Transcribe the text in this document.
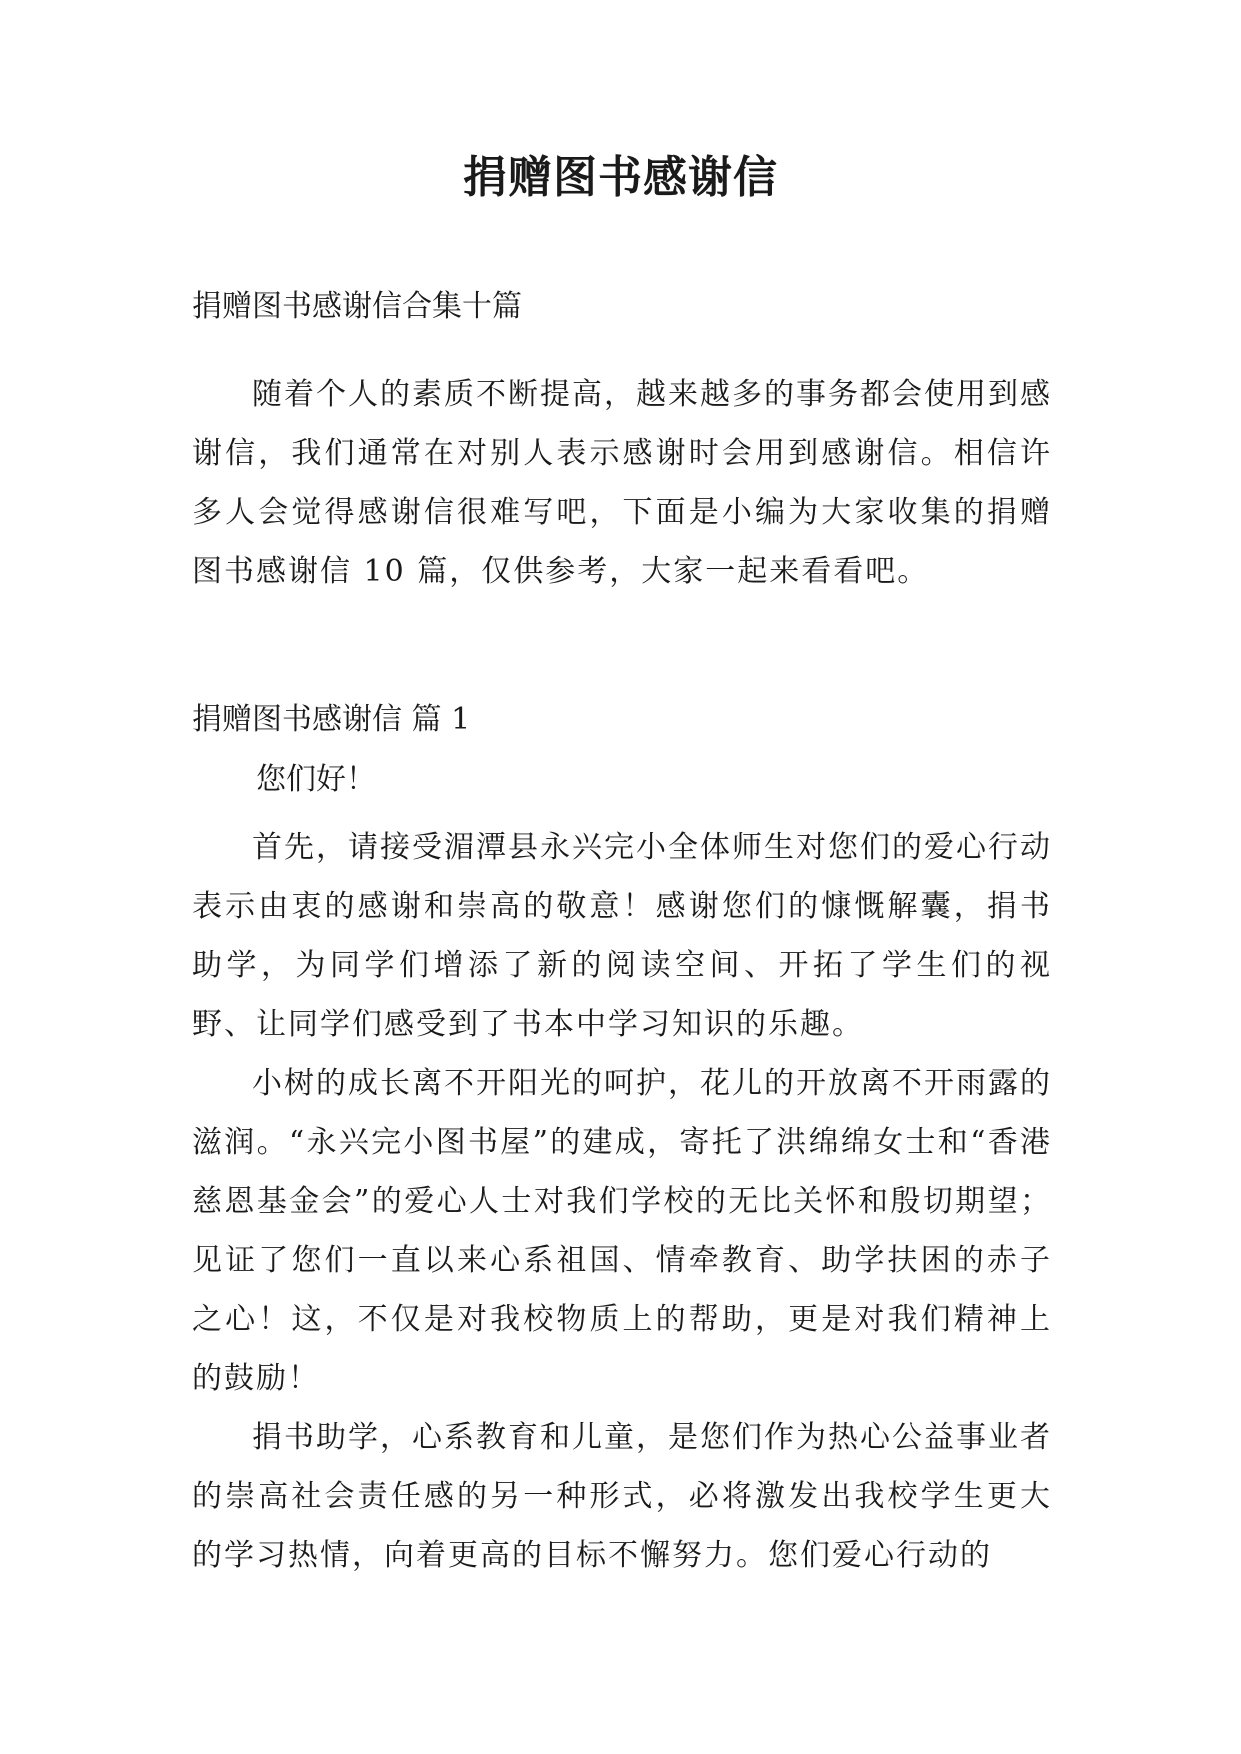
捐赠图书感谢信
捐赠图书感谢信合集十篇

随着个人的素质不断提高，越来越多的事务都会使用到感谢信，我们通常在对别人表示感谢时会用到感谢信。相信许多人会觉得感谢信很难写吧，下面是小编为大家收集的捐赠图书感谢信 10 篇，仅供参考，大家一起来看看吧。

捐赠图书感谢信 篇 1
您们好！

首先，请接受湄潭县永兴完小全体师生对您们的爱心行动表示由衷的感谢和崇高的敬意！感谢您们的慷慨解囊，捐书助学，为同学们增添了新的阅读空间、开拓了学生们的视野、让同学们感受到了书本中学习知识的乐趣。

小树的成长离不开阳光的呵护，花儿的开放离不开雨露的滋润。“永兴完小图书屋”的建成，寄托了洪绵绵女士和“香港慈恩基金会”的爱心人士对我们学校的无比关怀和殷切期望；见证了您们一直以来心系祖国、情牵教育、助学扶困的赤子之心！这，不仅是对我校物质上的帮助，更是对我们精神上的鼓励！

捐书助学，心系教育和儿童，是您们作为热心公益事业者的崇高社会责任感的另一种形式，必将激发出我校学生更大的学习热情，向着更高的目标不懈努力。您们爱心行动的
